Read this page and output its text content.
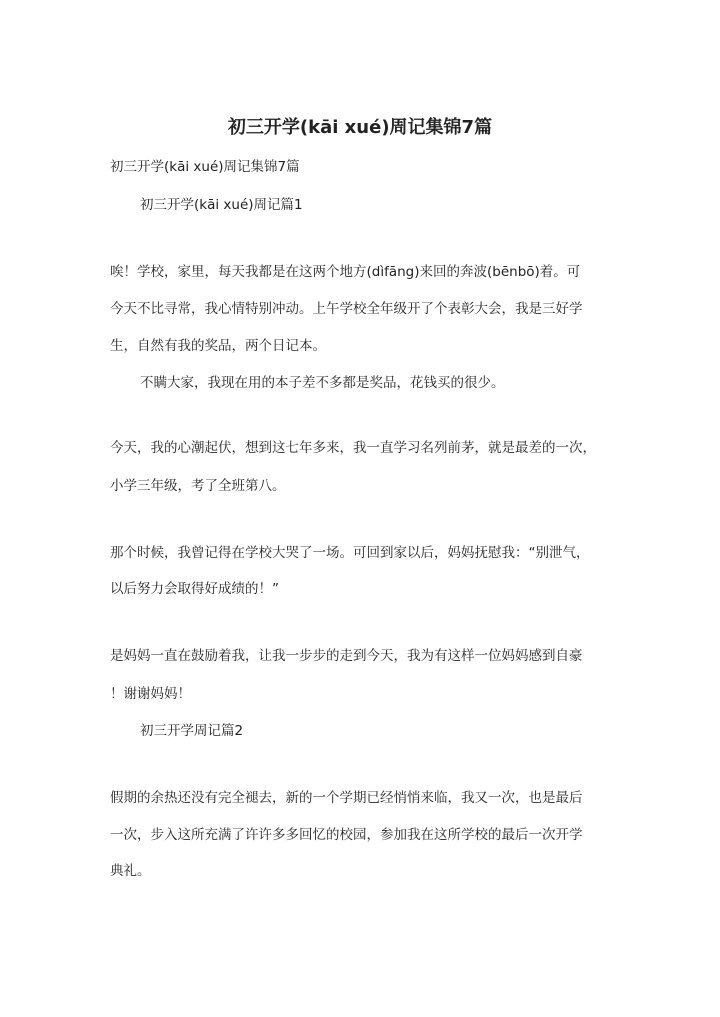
初三开学(kāi xué)周记集锦7篇
初三开学(kāi xué)周记集锦7篇
初三开学(kāi xué)周记篇1
唉！学校，家里，每天我都是在这两个地方(dìfāng)来回的奔波(bēnbō)着。可
今天不比寻常，我心情特别冲动。上午学校全年级开了个表彰大会，我是三好学
生，自然有我的奖品，两个日记本。
不瞒大家，我现在用的本子差不多都是奖品，花钱买的很少。
今天，我的心潮起伏，想到这七年多来，我一直学习名列前茅，就是最差的一次，
小学三年级，考了全班第八。
那个时候，我曾记得在学校大哭了一场。可回到家以后，妈妈抚慰我：“别泄气，
以后努力会取得好成绩的！”
是妈妈一直在鼓励着我，让我一步步的走到今天，我为有这样一位妈妈感到自豪
！谢谢妈妈！
初三开学周记篇2
假期的余热还没有完全褪去，新的一个学期已经悄悄来临，我又一次，也是最后
一次，步入这所充满了许许多多回忆的校园，参加我在这所学校的最后一次开学
典礼。
